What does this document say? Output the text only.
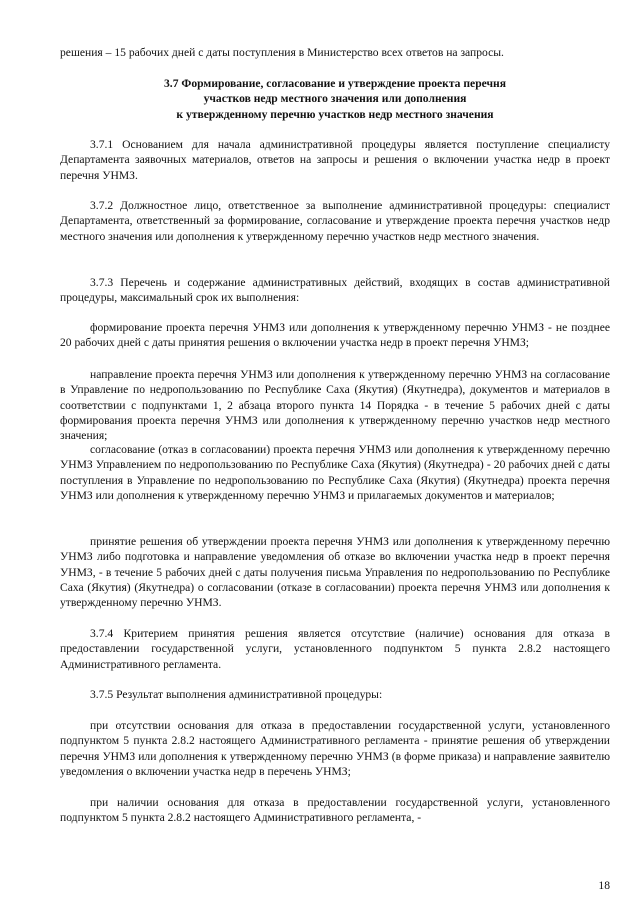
решения – 15 рабочих дней с даты поступления в Министерство всех ответов на запросы.

3.7 Формирование, согласование и утверждение проекта перечня
участков недр местного значения или дополнения
к утвержденному перечню участков недр местного значения

3.7.1 Основанием для начала административной процедуры является поступление специалисту Департамента заявочных материалов, ответов на запросы и решения о включении участка недр в проект перечня УНМЗ.

3.7.2 Должностное лицо, ответственное за выполнение административной процедуры: специалист Департамента, ответственный за формирование, согласование и утверждение проекта перечня участков недр местного значения или дополнения к утвержденному перечню участков недр местного значения.

3.7.3 Перечень и содержание административных действий, входящих в состав административной процедуры, максимальный срок их выполнения:

формирование проекта перечня УНМЗ или дополнения к утвержденному перечню УНМЗ - не позднее 20 рабочих дней с даты принятия решения о включении участка недр в проект перечня УНМЗ;

направление проекта перечня УНМЗ или дополнения к утвержденному перечню УНМЗ на согласование в Управление по недропользованию по Республике Саха (Якутия) (Якутнедра), документов и материалов в соответствии с подпунктами 1, 2 абзаца второго пункта 14 Порядка - в течение 5 рабочих дней с даты формирования проекта перечня УНМЗ или дополнения к утвержденному перечню участков недр местного значения;

согласование (отказ в согласовании) проекта перечня УНМЗ или дополнения к утвержденному перечню УНМЗ Управлением по недропользованию по Республике Саха (Якутия) (Якутнедра) - 20 рабочих дней с даты поступления в Управление по недропользованию по Республике Саха (Якутия) (Якутнедра) проекта перечня УНМЗ или дополнения к утвержденному перечню УНМЗ и прилагаемых документов и материалов;

принятие решения об утверждении проекта перечня УНМЗ или дополнения к утвержденному перечню УНМЗ либо подготовка и направление уведомления об отказе во включении участка недр в проект перечня УНМЗ, - в течение 5 рабочих дней с даты получения письма Управления по недропользованию по Республике Саха (Якутия) (Якутнедра) о согласовании (отказе в согласовании) проекта перечня УНМЗ или дополнения к утвержденному перечню УНМЗ.

3.7.4 Критерием принятия решения является отсутствие (наличие) основания для отказа в предоставлении государственной услуги, установленного подпунктом 5 пункта 2.8.2 настоящего Административного регламента.

3.7.5 Результат выполнения административной процедуры:

при отсутствии основания для отказа в предоставлении государственной услуги, установленного подпунктом 5 пункта 2.8.2 настоящего Административного регламента - принятие решения об утверждении перечня УНМЗ или дополнения к утвержденному перечню УНМЗ (в форме приказа) и направление заявителю уведомления о включении участка недр в перечень УНМЗ;

при наличии основания для отказа в предоставлении государственной услуги, установленного подпунктом 5 пункта 2.8.2 настоящего Административного регламента, -

18
